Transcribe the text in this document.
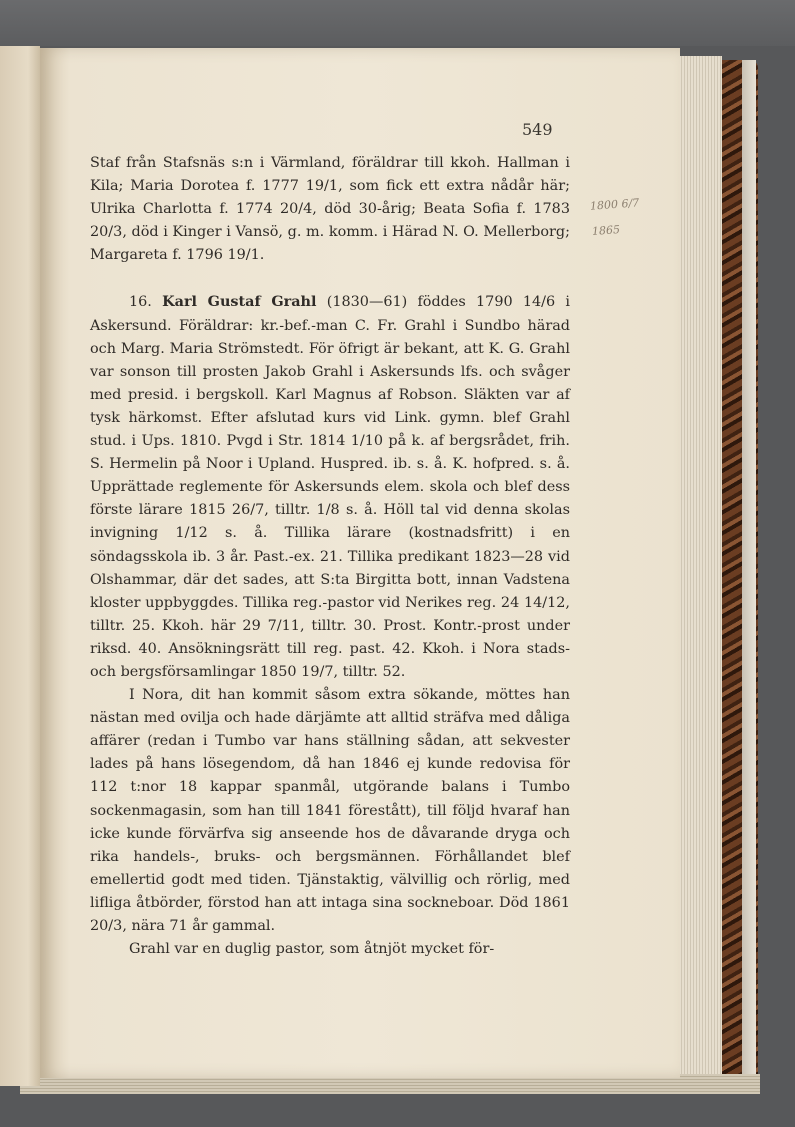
549

Staf från Stafsnäs s:n i Värmland, föräldrar till kkoh. Hallman i Kila; Maria Dorotea f. 1777 19/1, som fick ett extra nådår här; Ulrika Charlotta f. 1774 20/4, död 30-årig; Beata Sofia f. 1783 20/3, död i Kinger i Vansö, g. m. komm. i Härad N. O. Mellerborg; Margareta f. 1796 19/1.

16. Karl Gustaf Grahl (1830—61) föddes 1790 14/6 i Askersund. Föräldrar: kr.-bef.-man C. Fr. Grahl i Sundbo härad och Marg. Maria Strömstedt. För öfrigt är bekant, att K. G. Grahl var sonson till prosten Jakob Grahl i Askersunds lfs. och svåger med presid. i bergskoll. Karl Magnus af Robson. Släkten var af tysk härkomst. Efter afslutad kurs vid Link. gymn. blef Grahl stud. i Ups. 1810. Pvgd i Str. 1814 1/10 på k. af bergsrådet, frih. S. Hermelin på Noor i Upland. Huspred. ib. s. å. K. hofpred. s. å. Upprättade reglemente för Askersunds elem. skola och blef dess förste lärare 1815 26/7, tilltr. 1/8 s. å. Höll tal vid denna skolas invigning 1/12 s. å. Tillika lärare (kostnadsfritt) i en söndagsskola ib. 3 år. Past.-ex. 21. Tillika predikant 1823—28 vid Olshammar, där det sades, att S:ta Birgitta bott, innan Vadstena kloster uppbyggdes. Tillika reg.-pastor vid Nerikes reg. 24 14/12, tilltr. 25. Kkoh. här 29 7/11, tilltr. 30. Prost. Kontr.-prost under riksd. 40. Ansökningsrätt till reg. past. 42. Kkoh. i Nora stads- och bergsförsamlingar 1850 19/7, tilltr. 52.

I Nora, dit han kommit såsom extra sökande, möttes han nästan med ovilja och hade därjämte att alltid sträfva med dåliga affärer (redan i Tumbo var hans ställning sådan, att sekvester lades på hans lösegendom, då han 1846 ej kunde redovisa för 112 t:nor 18 kappar spanmål, utgörande balans i Tumbo sockenmagasin, som han till 1841 förestått), till följd hvaraf han icke kunde förvärfva sig anseende hos de dåvarande dryga och rika handels-, bruks- och bergsmännen. Förhållandet blef emellertid godt med tiden. Tjänstaktig, välvillig och rörlig, med lifliga åtbörder, förstod han att intaga sina sockneboar. Död 1861 20/3, nära 71 år gammal.

Grahl var en duglig pastor, som åtnjöt mycket för-

1800 6/7
1865
